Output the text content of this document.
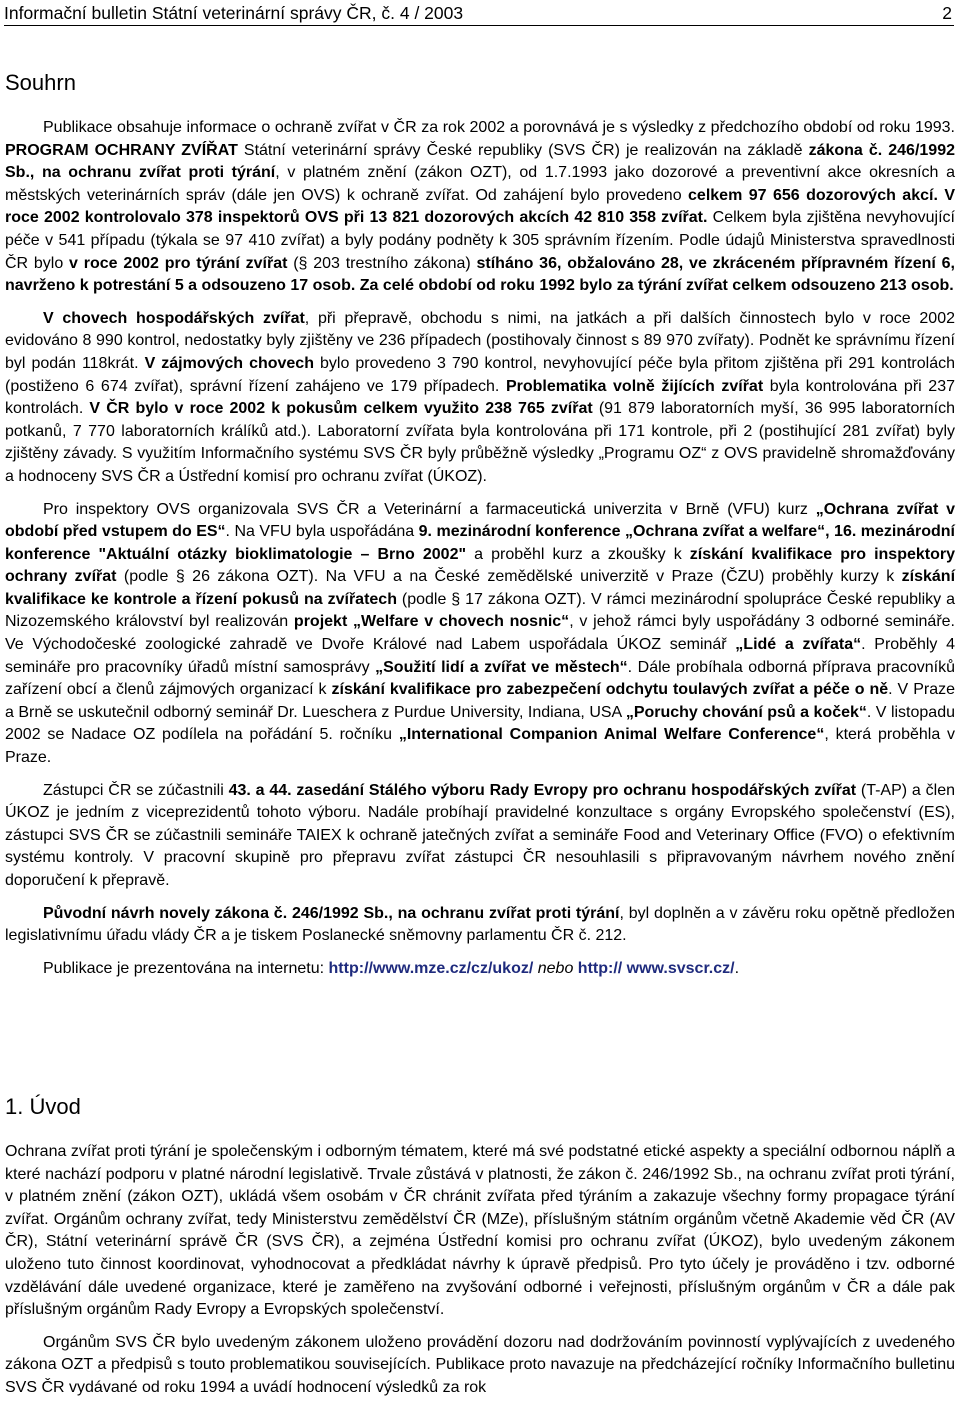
Informační bulletin Státní veterinární správy ČR, č. 4 / 2003	2
Souhrn

Publikace obsahuje informace o ochraně zvířat v ČR za rok 2002 a porovnává je s výsledky z předchozího období od roku 1993. PROGRAM OCHRANY ZVÍŘAT Státní veterinární správy České republiky (SVS ČR) je realizován na základě zákona č. 246/1992 Sb., na ochranu zvířat proti týrání, v platném znění (zákon OZT), od 1.7.1993 jako dozorové a preventivní akce okresních a městských veterinárních správ (dále jen OVS) k ochraně zvířat. Od zahájení bylo provedeno celkem 97 656 dozorových akcí. V roce 2002 kontrolovalo 378 inspektorů OVS při 13 821 dozorových akcích 42 810 358 zvířat. Celkem byla zjištěna nevyhovující péče v 541 případu (týkala se 97 410 zvířat) a byly podány podněty k 305 správním řízením. Podle údajů Ministerstva spravedlnosti ČR bylo v roce 2002 pro týrání zvířat (§ 203 trestního zákona) stíháno 36, obžalováno 28, ve zkráceném přípravném řízení 6, navrženo k potrestání 5 a odsouzeno 17 osob. Za celé období od roku 1992 bylo za týrání zvířat celkem odsouzeno 213 osob.

V chovech hospodářských zvířat, při přepravě, obchodu s nimi, na jatkách a při dalších činnostech bylo v roce 2002 evidováno 8 990 kontrol, nedostatky byly zjištěny ve 236 případech (postihovaly činnost s 89 970 zvířaty). Podnět ke správnímu řízení byl podán 118krát. V zájmových chovech bylo provedeno 3 790 kontrol, nevyhovující péče byla přitom zjištěna při 291 kontrolách (postiženo 6 674 zvířat), správní řízení zahájeno ve 179 případech. Problematika volně žijících zvířat byla kontrolována při 237 kontrolách. V ČR bylo v roce 2002 k pokusům celkem využito 238 765 zvířat (91 879 laboratorních myší, 36 995 laboratorních potkanů, 7 770 laboratorních králíků atd.). Laboratorní zvířata byla kontrolována při 171 kontrole, při 2 (postihující 281 zvířat) byly zjištěny závady. S využitím Informačního systému SVS ČR byly průběžně výsledky „Programu OZ“ z OVS pravidelně shromažďovány a hodnoceny SVS ČR a Ústřední komisí pro ochranu zvířat (ÚKOZ).

Pro inspektory OVS organizovala SVS ČR a Veterinární a farmaceutická univerzita v Brně (VFU) kurz „Ochrana zvířat v období před vstupem do ES“. Na VFU byla uspořádána 9. mezinárodní konference „Ochrana zvířat a welfare“, 16. mezinárodní konference "Aktuální otázky bioklimatologie – Brno 2002" a proběhl kurz a zkoušky k získání kvalifikace pro inspektory ochrany zvířat (podle § 26 zákona OZT). Na VFU a na České zemědělské univerzitě v Praze (ČZU) proběhly kurzy k získání kvalifikace ke kontrole a řízení pokusů na zvířatech (podle § 17 zákona OZT). V rámci mezinárodní spolupráce České republiky a Nizozemského království byl realizován projekt „Welfare v chovech nosnic“, v jehož rámci byly uspořádány 3 odborné semináře. Ve Východočeské zoologické zahradě ve Dvoře Králové nad Labem uspořádala ÚKOZ seminář „Lidé a zvířata“. Proběhly 4 semináře pro pracovníky úřadů místní samosprávy „Soužití lidí a zvířat ve městech“. Dále probíhala odborná příprava pracovníků zařízení obcí a členů zájmových organizací k získání kvalifikace pro zabezpečení odchytu toulavých zvířat a péče o ně. V Praze a Brně se uskutečnil odborný seminář Dr. Lueschera z Purdue University, Indiana, USA „Poruchy chování psů a koček“. V listopadu 2002 se Nadace OZ podílela na pořádání 5. ročníku „International Companion Animal Welfare Conference“, která proběhla v Praze.

Zástupci ČR se zúčastnili 43. a 44. zasedání Stálého výboru Rady Evropy pro ochranu hospodářských zvířat (T-AP) a člen ÚKOZ je jedním z viceprezidentů tohoto výboru. Nadále probíhají pravidelné konzultace s orgány Evropského společenství (ES), zástupci SVS ČR se zúčastnili semináře TAIEX k ochraně jatečných zvířat a semináře Food and Veterinary Office (FVO) o efektivním systému kontroly. V pracovní skupině pro přepravu zvířat zástupci ČR nesouhlasili s připravovaným návrhem nového znění doporučení k přepravě.

Původní návrh novely zákona č. 246/1992 Sb., na ochranu zvířat proti týrání, byl doplněn a v závěru roku opětně předložen legislativnímu úřadu vlády ČR a je tiskem Poslanecké sněmovny parlamentu ČR č. 212.

Publikace je prezentována na internetu: http://www.mze.cz/cz/ukoz/ nebo http:// www.svscr.cz/.

1. Úvod

Ochrana zvířat proti týrání je společenským i odborným tématem, které má své podstatné etické aspekty a speciální odbornou náplň a které nachází podporu v platné národní legislativě. Trvale zůstává v platnosti, že zákon č. 246/1992 Sb., na ochranu zvířat proti týrání, v platném znění (zákon OZT), ukládá všem osobám v ČR chránit zvířata před týráním a zakazuje všechny formy propagace týrání zvířat. Orgánům ochrany zvířat, tedy Ministerstvu zemědělství ČR (MZe), příslušným státním orgánům včetně Akademie věd ČR (AV ČR), Státní veterinární správě ČR (SVS ČR), a zejména Ústřední komisi pro ochranu zvířat (ÚKOZ), bylo uvedeným zákonem uloženo tuto činnost koordinovat, vyhodnocovat a předkládat návrhy k úpravě předpisů. Pro tyto účely je prováděno i tzv. odborné vzdělávání dále uvedené organizace, které je zaměřeno na zvyšování odborné i veřejnosti, příslušným orgánům v ČR a dále pak příslušným orgánům Rady Evropy a Evropských společenství.

Orgánům SVS ČR bylo uvedeným zákonem uloženo provádění dozoru nad dodržováním povinností vyplývajících z uvedeného zákona OZT a předpisů s touto problematikou souvisejících. Publikace proto navazuje na předcházející ročníky Informačního bulletinu SVS ČR vydávané od roku 1994 a uvádí hodnocení výsledků za rok
